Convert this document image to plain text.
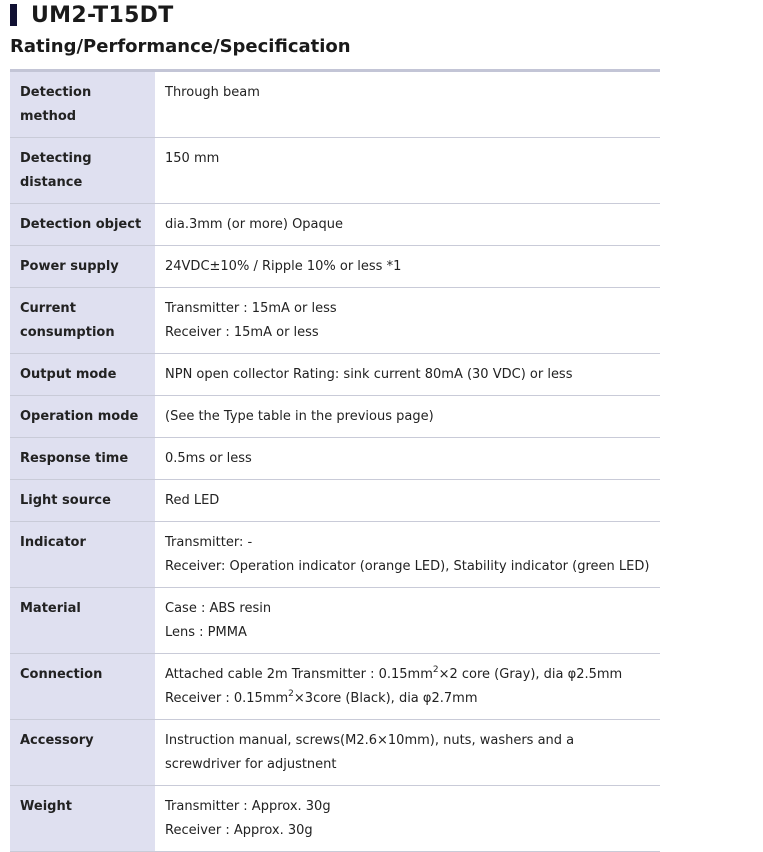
UM2-T15DT
Rating/Performance/Specification
Detection method	Through beam

Detecting distance	150 mm

Detection object	dia.3mm (or more) Opaque

Power supply	24VDC±10% / Ripple 10% or less *1

Current consumption	Transmitter : 15mA or less
Receiver : 15mA or less

Output mode	NPN open collector Rating: sink current 80mA (30 VDC) or less

Operation mode	(See the Type table in the previous page)

Response time	0.5ms or less

Light source	Red LED

Indicator	Transmitter: -
Receiver: Operation indicator (orange LED), Stability indicator (green LED)

Material	Case : ABS resin
Lens : PMMA

Connection	Attached cable 2m Transmitter : $0.15mm^2\times 2$ core (Gray), dia φ2.5mm
Receiver : $0.15mm^2\times 3core$ (Black), dia φ2.7mm

Accessory	Instruction manual, screws(M2.6×10mm), nuts, washers and a screwdriver for adjustnent

Weight	Transmitter : Approx. 30g
Receiver : Approx. 30g
